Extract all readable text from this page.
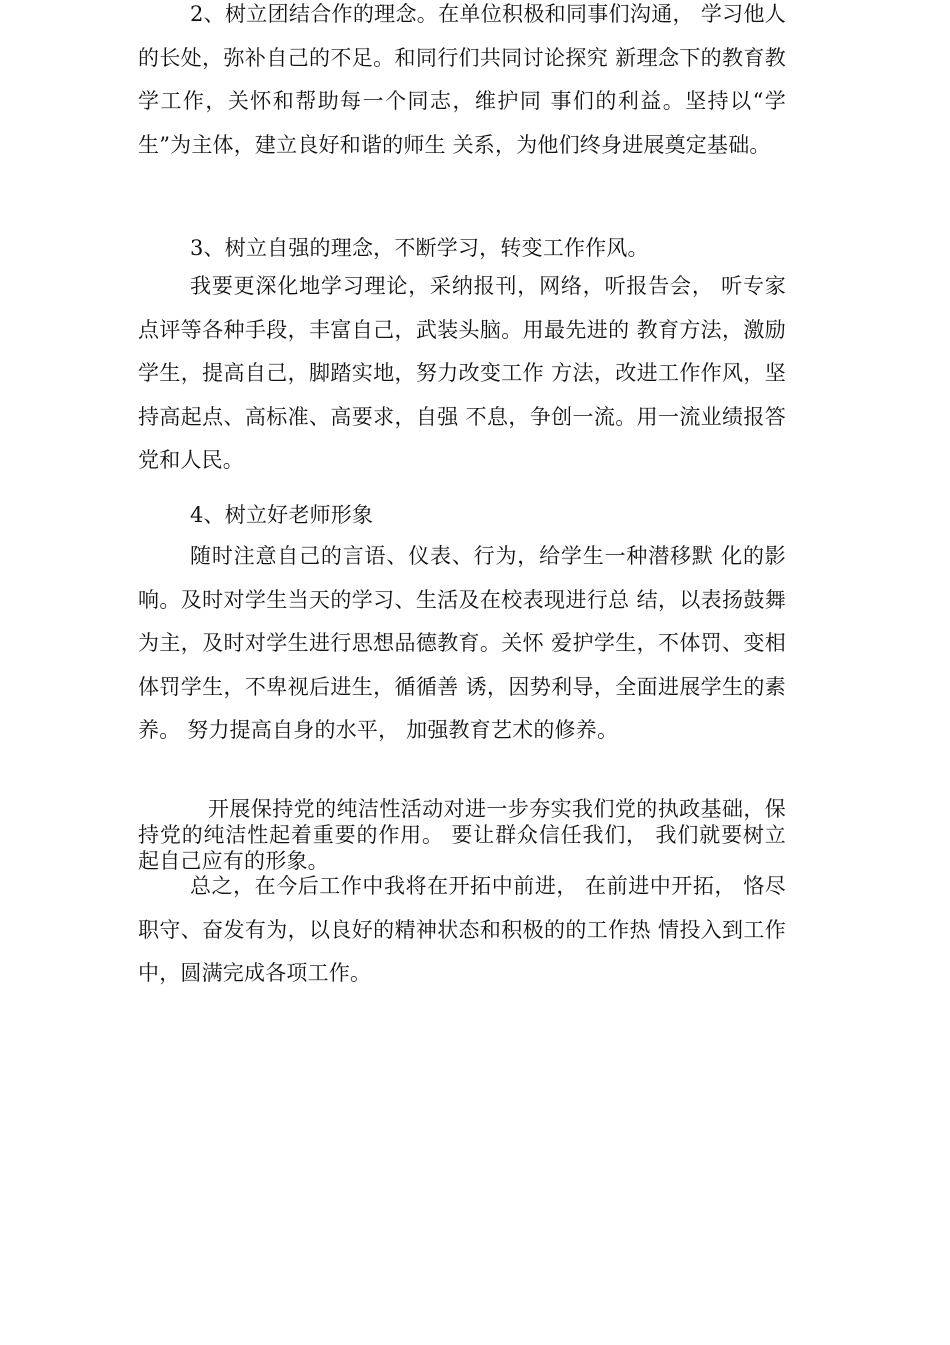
2、树立团结合作的理念。在单位积极和同事们沟通， 学习他人的长处，弥补自己的不足。和同行们共同讨论探究 新理念下的教育教学工作，关怀和帮助每一个同志，维护同 事们的利益。坚持以“学生”为主体，建立良好和谐的师生 关系，为他们终身进展奠定基础。

3、树立自强的理念，不断学习，转变工作作风。

我要更深化地学习理论，采纳报刊，网络，听报告会， 听专家点评等各种手段，丰富自己，武装头脑。用最先进的 教育方法，激励学生，提高自己，脚踏实地，努力改变工作 方法，改进工作作风，坚持高起点、高标准、高要求，自强 不息，争创一流。用一流业绩报答党和人民。

4、树立好老师形象

随时注意自己的言语、仪表、行为，给学生一种潜移默 化的影响。及时对学生当天的学习、生活及在校表现进行总 结，以表扬鼓舞为主，及时对学生进行思想品德教育。关怀 爱护学生，不体罚、变相体罚学生，不卑视后进生，循循善 诱，因势利导，全面进展学生的素养。 努力提高自身的水平， 加强教育艺术的修养。

开展保持党的纯洁性活动对进一步夯实我们党的执政基础，保持党的纯洁性起着重要的作用。 要让群众信任我们， 我们就要树立起自己应有的形象。

总之，在今后工作中我将在开拓中前进， 在前进中开拓， 恪尽职守、奋发有为，以良好的精神状态和积极的的工作热 情投入到工作中，圆满完成各项工作。
